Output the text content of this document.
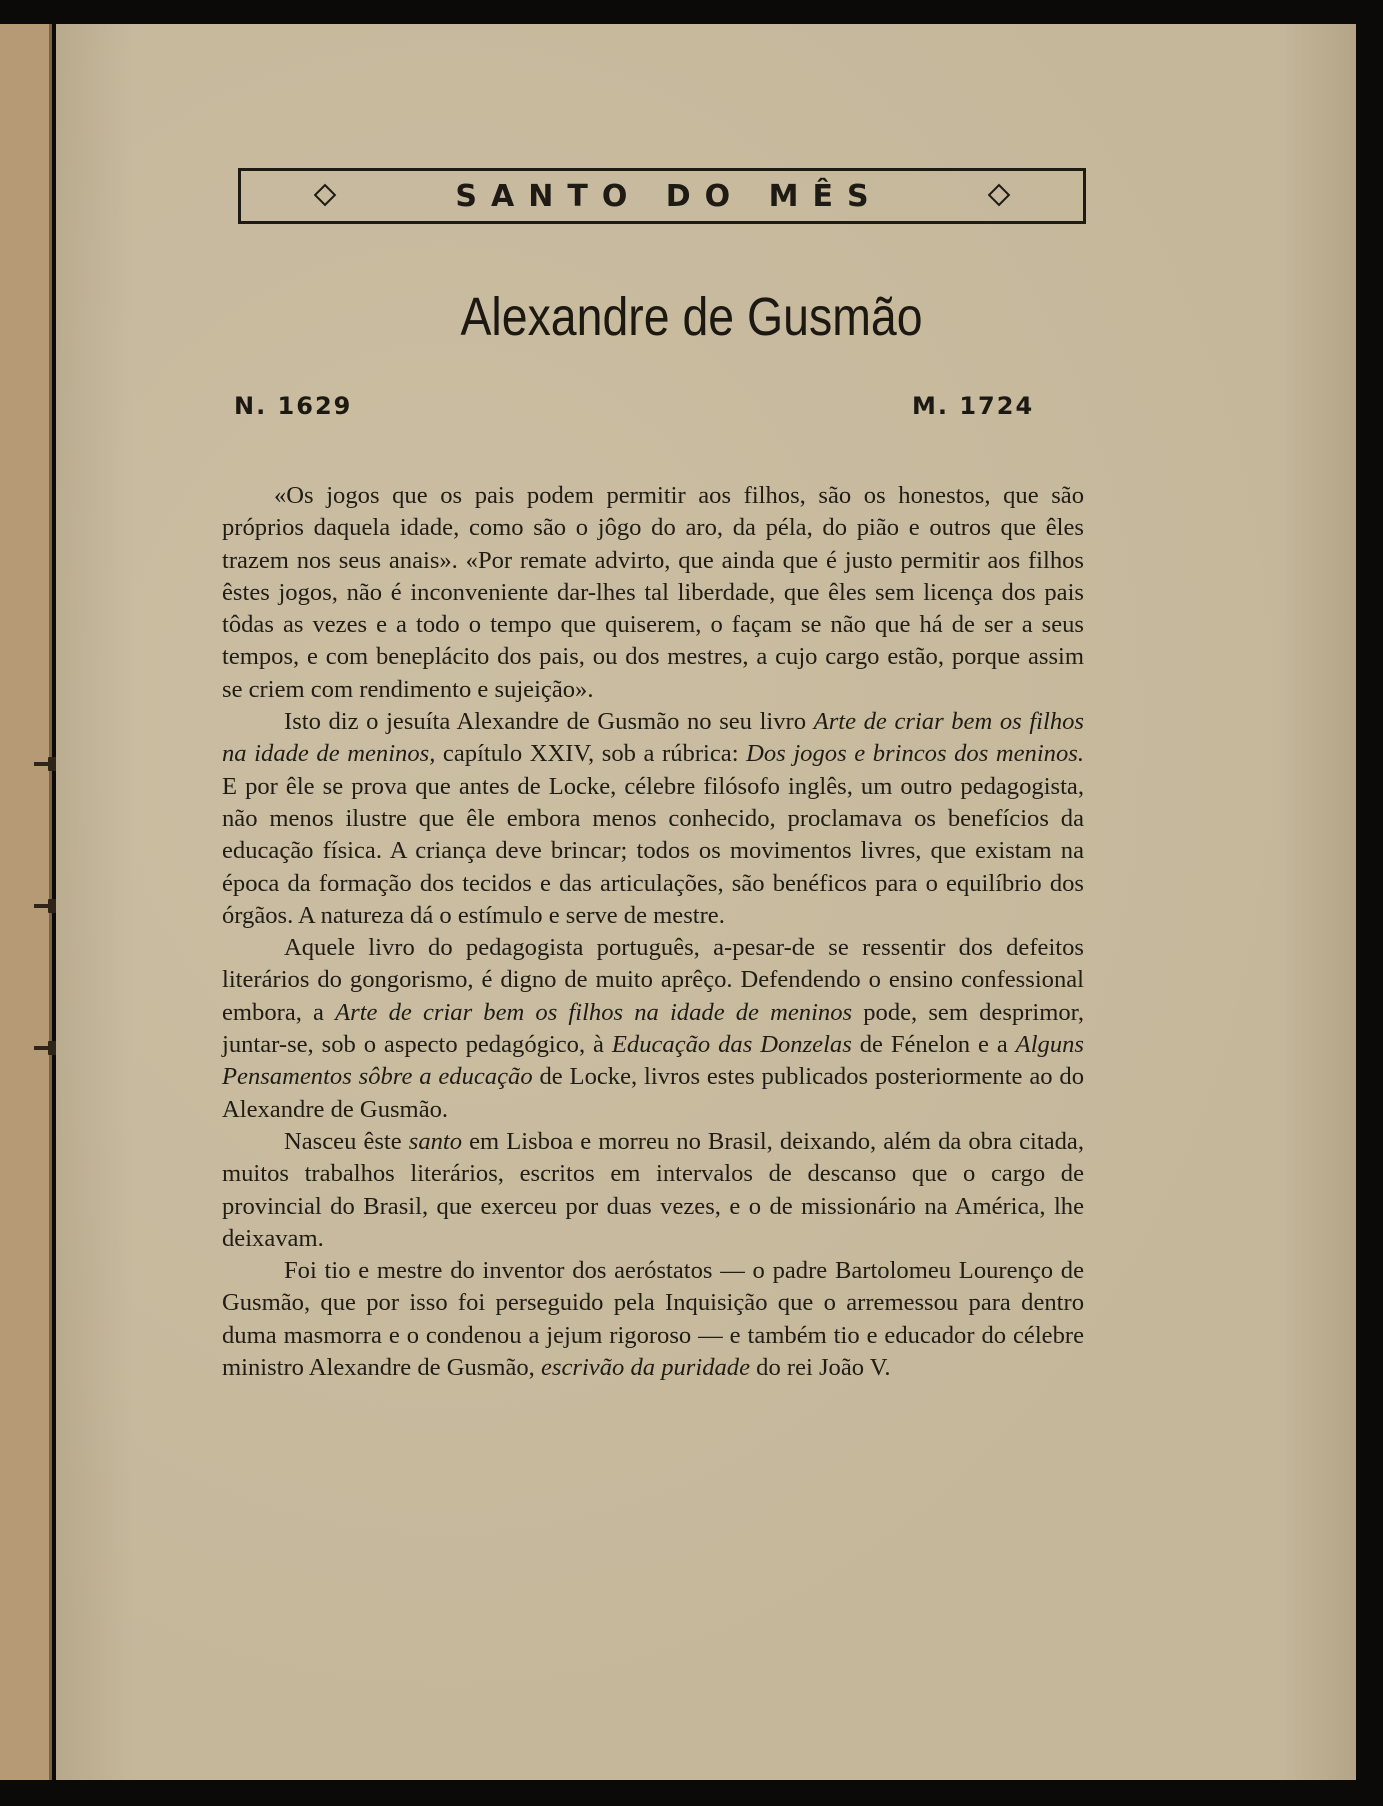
SANTO DO MÊS
Alexandre de Gusmão
N. 1629	M. 1724

«Os jogos que os pais podem permitir aos filhos, são os honestos, que são próprios daquela idade, como são o jôgo do aro, da péla, do pião e outros que êles trazem nos seus anais». «Por remate advirto, que ainda que é justo permitir aos filhos êstes jogos, não é inconveniente dar-lhes tal liberdade, que êles sem licença dos pais tôdas as vezes e a todo o tempo que quiserem, o façam se não que há de ser a seus tempos, e com beneplácito dos pais, ou dos mestres, a cujo cargo estão, porque assim se criem com rendimento e sujeição».

Isto diz o jesuíta Alexandre de Gusmão no seu livro Arte de criar bem os filhos na idade de meninos, capítulo XXIV, sob a rúbrica: Dos jogos e brincos dos meninos. E por êle se prova que antes de Locke, célebre filósofo inglês, um outro pedagogista, não menos ilustre que êle embora menos conhecido, proclamava os benefícios da educação física. A criança deve brincar; todos os movimentos livres, que existam na época da formação dos tecidos e das articulações, são benéficos para o equilíbrio dos órgãos. A natureza dá o estímulo e serve de mestre.

Aquele livro do pedagogista português, a-pesar-de se ressentir dos defeitos literários do gongorismo, é digno de muito aprêço. Defendendo o ensino confessional embora, a Arte de criar bem os filhos na idade de meninos pode, sem desprimor, juntar-se, sob o aspecto pedagógico, à Educação das Donzelas de Fénelon e a Alguns Pensamentos sôbre a educação de Locke, livros estes publicados posteriormente ao do Alexandre de Gusmão.

Nasceu êste santo em Lisboa e morreu no Brasil, deixando, além da obra citada, muitos trabalhos literários, escritos em intervalos de descanso que o cargo de provincial do Brasil, que exerceu por duas vezes, e o de missionário na América, lhe deixavam.

Foi tio e mestre do inventor dos aeróstatos — o padre Bartolomeu Lourenço de Gusmão, que por isso foi perseguido pela Inquisição que o arremessou para dentro duma masmorra e o condenou a jejum rigoroso — e também tio e educador do célebre ministro Alexandre de Gusmão, escrivão da puridade do rei João V.
